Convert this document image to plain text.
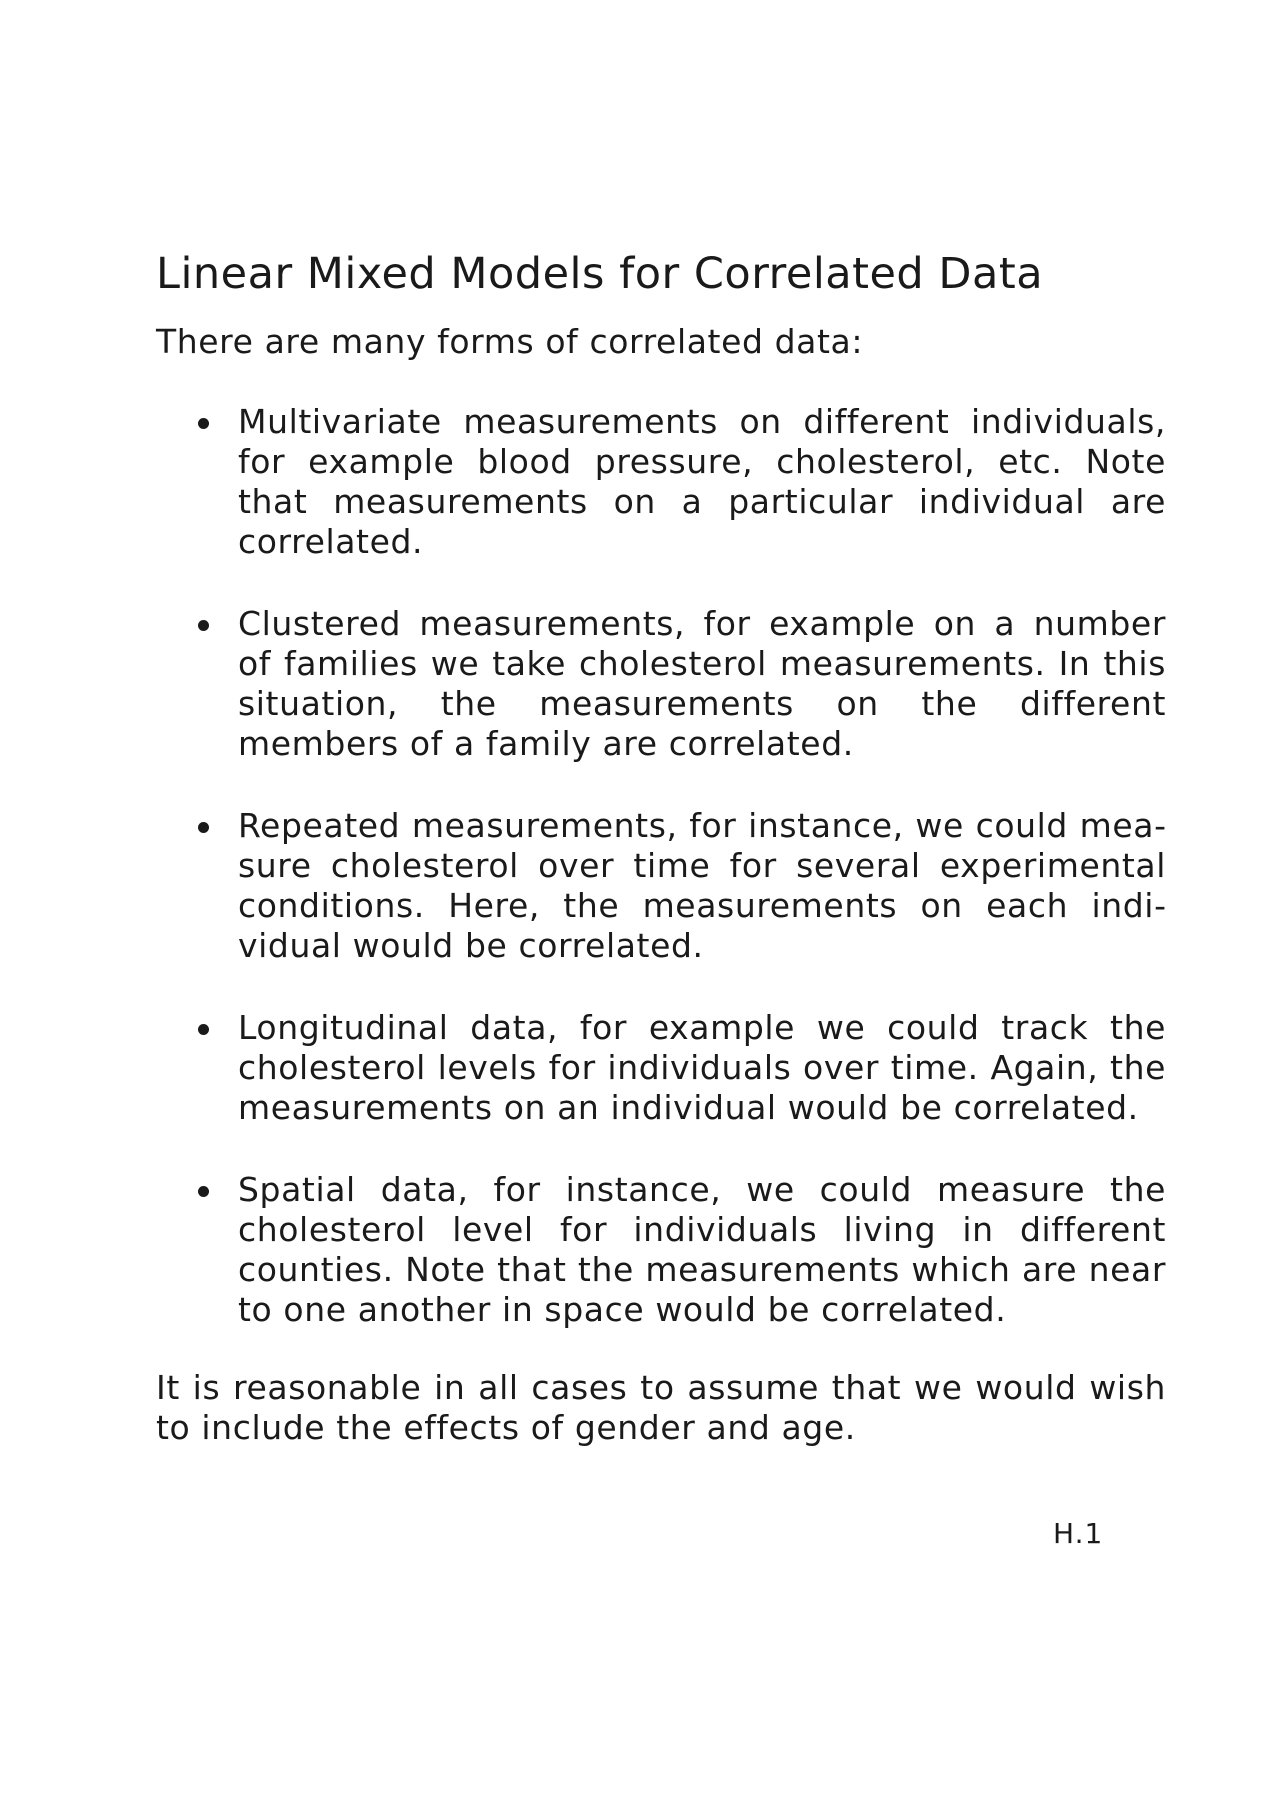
Linear Mixed Models for Correlated Data

There are many forms of correlated data:

Multivariate measurements on different individuals, for example blood pressure, cholesterol, etc. Note that measurements on a particular individual are correlated.
Clustered measurements, for example on a number of families we take cholesterol measurements. In this situation, the measurements on the different members of a family are correlated.
Repeated measurements, for instance, we could measure cholesterol over time for several experimental conditions. Here, the measurements on each individual would be correlated.
Longitudinal data, for example we could track the cholesterol levels for individuals over time. Again, the measurements on an individual would be correlated.
Spatial data, for instance, we could measure the cholesterol level for individuals living in different counties. Note that the measurements which are near to one another in space would be correlated.

It is reasonable in all cases to assume that we would wish to include the effects of gender and age.

H.1
